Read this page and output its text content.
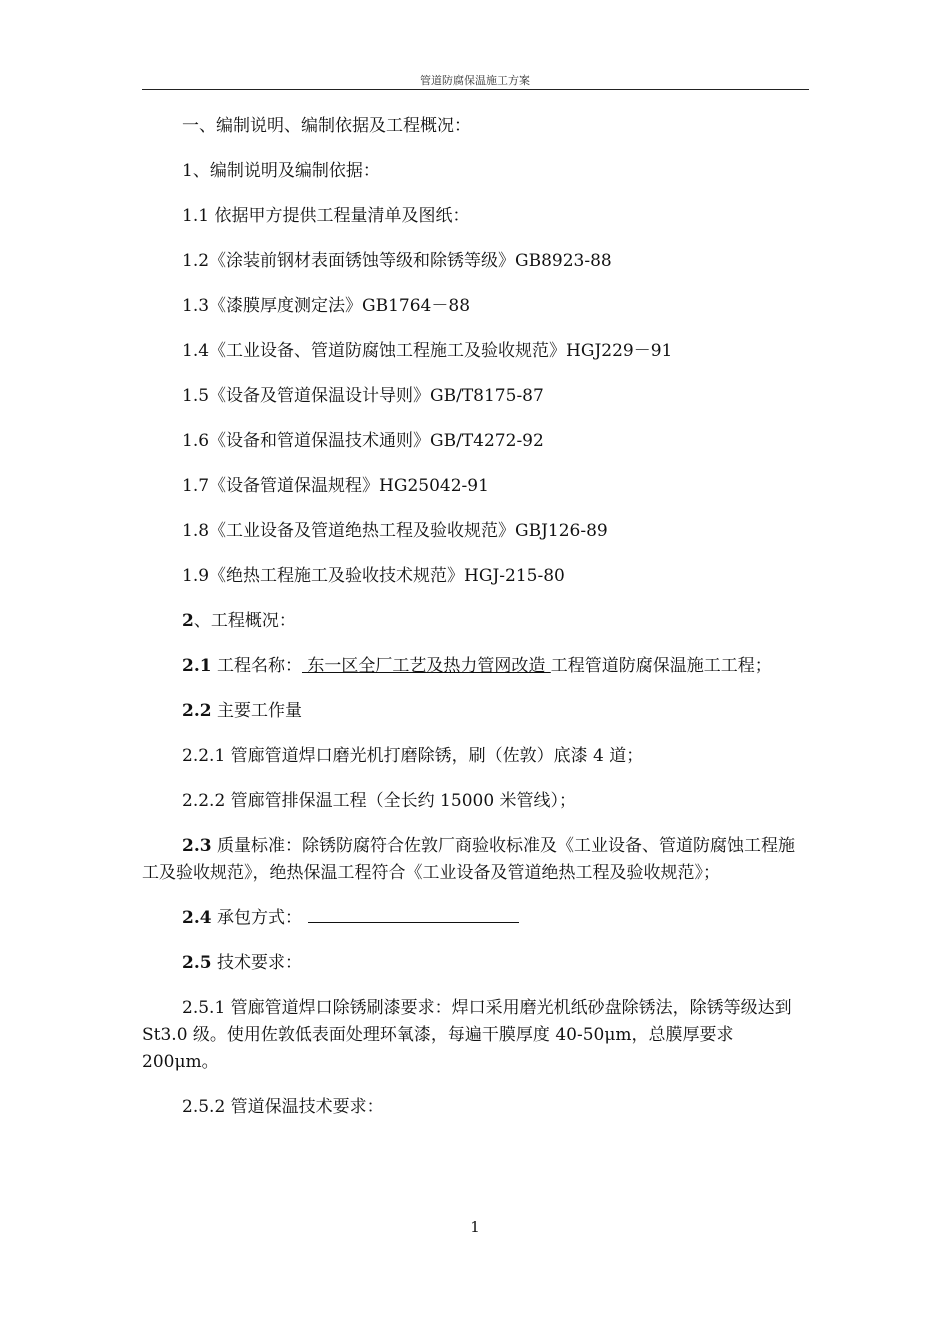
管道防腐保温施工方案

一、编制说明、编制依据及工程概况：

1、编制说明及编制依据：

1.1 依据甲方提供工程量清单及图纸：

1.2《涂装前钢材表面锈蚀等级和除锈等级》GB8923-88

1.3《漆膜厚度测定法》GB1764－88

1.4《工业设备、管道防腐蚀工程施工及验收规范》HGJ229－91

1.5《设备及管道保温设计导则》GB/T8175-87

1.6《设备和管道保温技术通则》GB/T4272-92

1.7《设备管道保温规程》HG25042-91

1.8《工业设备及管道绝热工程及验收规范》GBJ126-89

1.9《绝热工程施工及验收技术规范》HGJ-215-80

2、工程概况：

2.1 工程名称： 东一区全厂工艺及热力管网改造 工程管道防腐保温施工工程；

2.2 主要工作量

2.2.1 管廊管道焊口磨光机打磨除锈，刷（佐敦）底漆 4 道；

2.2.2 管廊管排保温工程（全长约 15000 米管线）；

2.3 质量标准：除锈防腐符合佐敦厂商验收标准及《工业设备、管道防腐蚀工程施工及验收规范》，绝热保温工程符合《工业设备及管道绝热工程及验收规范》；

2.4 承包方式：

2.5 技术要求：

2.5.1 管廊管道焊口除锈刷漆要求：焊口采用磨光机纸砂盘除锈法，除锈等级达到 St3.0 级。使用佐敦低表面处理环氧漆，每遍干膜厚度 40-50μm，总膜厚要求 200μm。

2.5.2 管道保温技术要求：

1
